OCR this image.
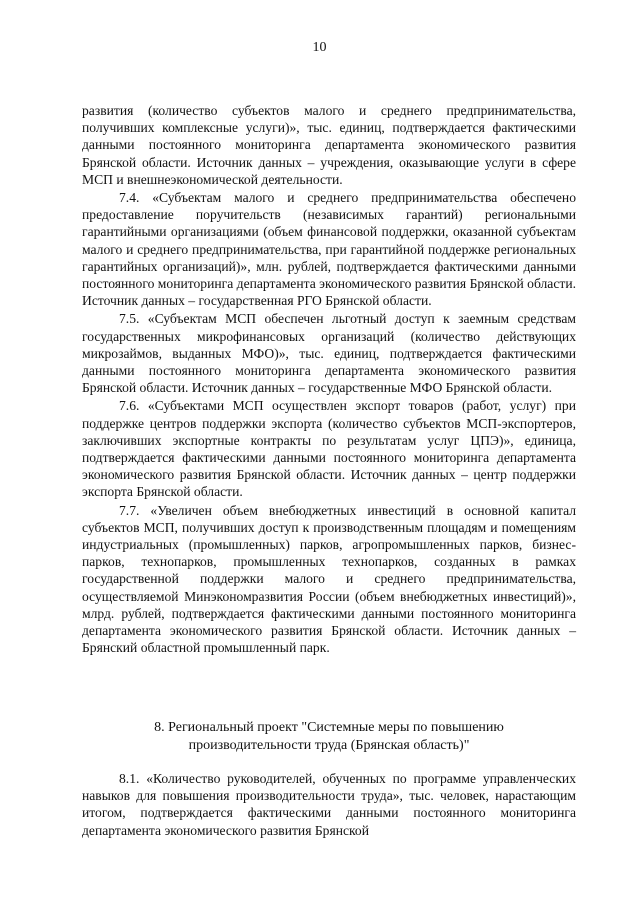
10

развития (количество субъектов малого и среднего предпринимательства, получивших комплексные услуги)», тыс. единиц, подтверждается фактическими данными постоянного мониторинга департамента экономического развития Брянской области. Источник данных – учреждения, оказывающие услуги в сфере МСП и внешнеэкономической деятельности.

7.4. «Субъектам малого и среднего предпринимательства обеспечено предоставление поручительств (независимых гарантий) региональными гарантийными организациями (объем финансовой поддержки, оказанной субъектам малого и среднего предпринимательства, при гарантийной поддержке региональных гарантийных организаций)», млн. рублей, подтверждается фактическими данными постоянного мониторинга департамента экономического развития Брянской области. Источник данных – государственная РГО Брянской области.

7.5. «Субъектам МСП обеспечен льготный доступ к заемным средствам государственных микрофинансовых организаций (количество действующих микрозаймов, выданных МФО)», тыс. единиц, подтверждается фактическими данными постоянного мониторинга департамента экономического развития Брянской области. Источник данных – государственные МФО Брянской области.

7.6. «Субъектами МСП осуществлен экспорт товаров (работ, услуг) при поддержке центров поддержки экспорта (количество субъектов МСП-экспортеров, заключивших экспортные контракты по результатам услуг ЦПЭ)», единица, подтверждается фактическими данными постоянного мониторинга департамента экономического развития Брянской области. Источник данных – центр поддержки экспорта Брянской области.

7.7. «Увеличен объем внебюджетных инвестиций в основной капитал субъектов МСП, получивших доступ к производственным площадям и помещениям индустриальных (промышленных) парков, агропромышленных парков, бизнес-парков, технопарков, промышленных технопарков, созданных в рамках государственной поддержки малого и среднего предпринимательства, осуществляемой Минэкономразвития России (объем внебюджетных инвестиций)», млрд. рублей, подтверждается фактическими данными постоянного мониторинга департамента экономического развития Брянской области. Источник данных – Брянский областной промышленный парк.

8. Региональный проект "Системные меры по повышению
производительности труда (Брянская область)"

8.1. «Количество руководителей, обученных по программе управленческих навыков для повышения производительности труда», тыс. человек, нарастающим итогом, подтверждается фактическими данными постоянного мониторинга департамента экономического развития Брянской
